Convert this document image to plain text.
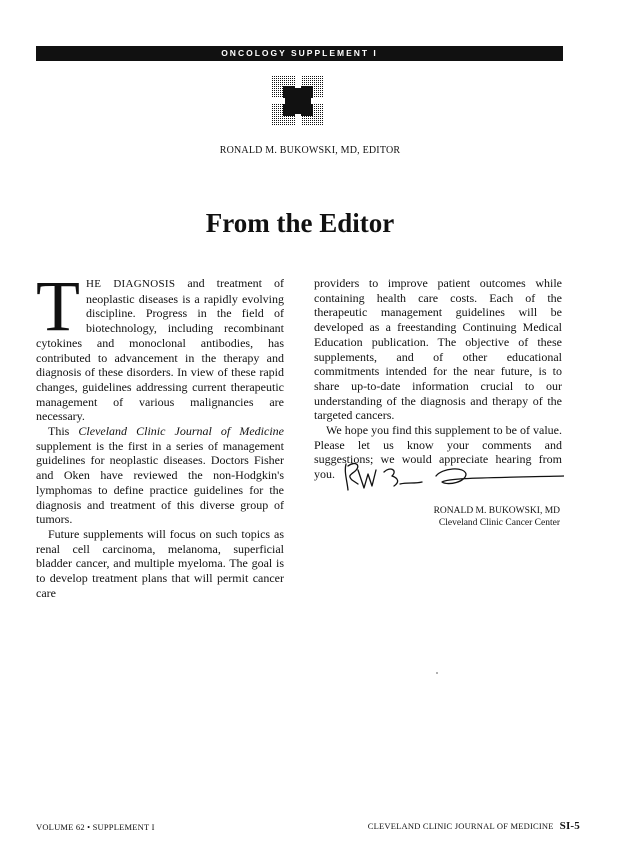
ONCOLOGY SUPPLEMENT I
RONALD M. BUKOWSKI, MD, EDITOR
From the Editor

THE DIAGNOSIS and treatment of neoplastic diseases is a rapidly evolving discipline. Progress in the field of biotechnology, including recombinant cytokines and monoclonal antibodies, has contributed to advancement in the therapy and diagnosis of these disorders. In view of these rapid changes, guidelines addressing current therapeutic management of various malignancies are necessary.

This Cleveland Clinic Journal of Medicine supplement is the first in a series of management guidelines for neoplastic diseases. Doctors Fisher and Oken have reviewed the non-Hodgkin's lymphomas to define practice guidelines for the diagnosis and treatment of this diverse group of tumors.

Future supplements will focus on such topics as renal cell carcinoma, melanoma, superficial bladder cancer, and multiple myeloma. The goal is to develop treatment plans that will permit cancer care

providers to improve patient outcomes while containing health care costs. Each of the therapeutic management guidelines will be developed as a freestanding Continuing Medical Education publication. The objective of these supplements, and of other educational commitments intended for the near future, is to share up-to-date information crucial to our understanding of the diagnosis and therapy of the targeted cancers.

We hope you find this supplement to be of value. Please let us know your comments and suggestions; we would appreciate hearing from you.

RONALD M. BUKOWSKI, MD
Cleveland Clinic Cancer Center
VOLUME 62 • SUPPLEMENT I	CLEVELAND CLINIC JOURNAL OF MEDICINE SI-5
